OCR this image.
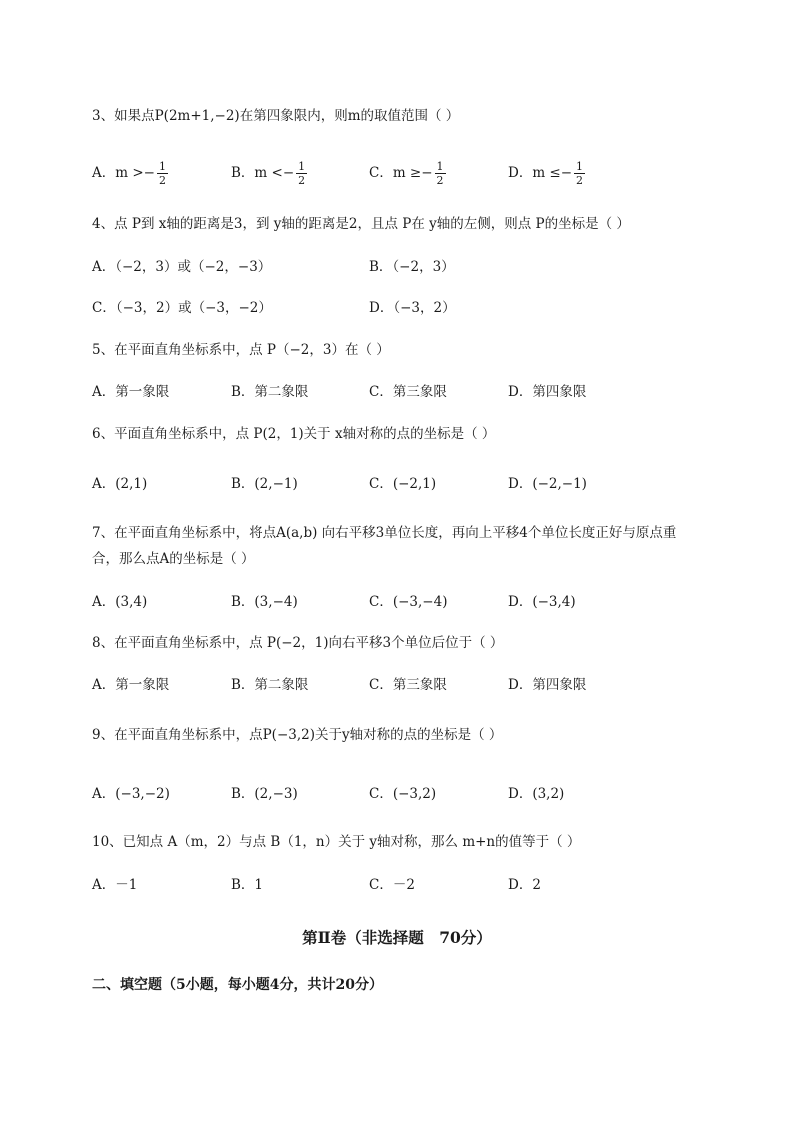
3、如果点P(2m+1,−2)在第四象限内，则m的取值范围（ ）
A．$m >- \frac{1}{2}$	B．$m <- \frac{1}{2}$	C．$m \ge- \frac{1}{2}$	D．$m \le- \frac{1}{2}$
4、点 P到 x轴的距离是3，到 y轴的距离是2，且点 P在 y轴的左侧，则点 P的坐标是（ ）
A．（−2，3）或（−2，−3）	B．（−2，3）
C．（−3，2）或（−3，−2）	D．（−3，2）
5、在平面直角坐标系中，点 P（−2，3）在（ ）
A．第一象限	B．第二象限	C．第三象限	D．第四象限
6、平面直角坐标系中，点 P(2，1)关于 x轴对称的点的坐标是（ ）
A．(2,1)	B．(2,−1)	C．(−2,1)	D．(−2,−1)
7、在平面直角坐标系中，将点A(a,b) 向右平移3单位长度，再向上平移4个单位长度正好与原点重
合，那么点A的坐标是（ ）
A．(3,4)	B．(3,−4)	C．(−3,−4)	D．(−3,4)
8、在平面直角坐标系中，点 P(−2，1)向右平移3个单位后位于（ ）
A．第一象限	B．第二象限	C．第三象限	D．第四象限
9、在平面直角坐标系中，点P(−3,2)关于y轴对称的点的坐标是（ ）
A．(−3,−2)	B．(2,−3)	C．(−3,2)	D．(3,2)
10、已知点 A（m，2）与点 B（1，n）关于 y轴对称，那么 m+n的值等于（ ）
A．－1	B．1	C．－2	D．2
第Ⅱ卷（非选择题　70分）
二、填空题（5小题，每小题4分，共计20分）
